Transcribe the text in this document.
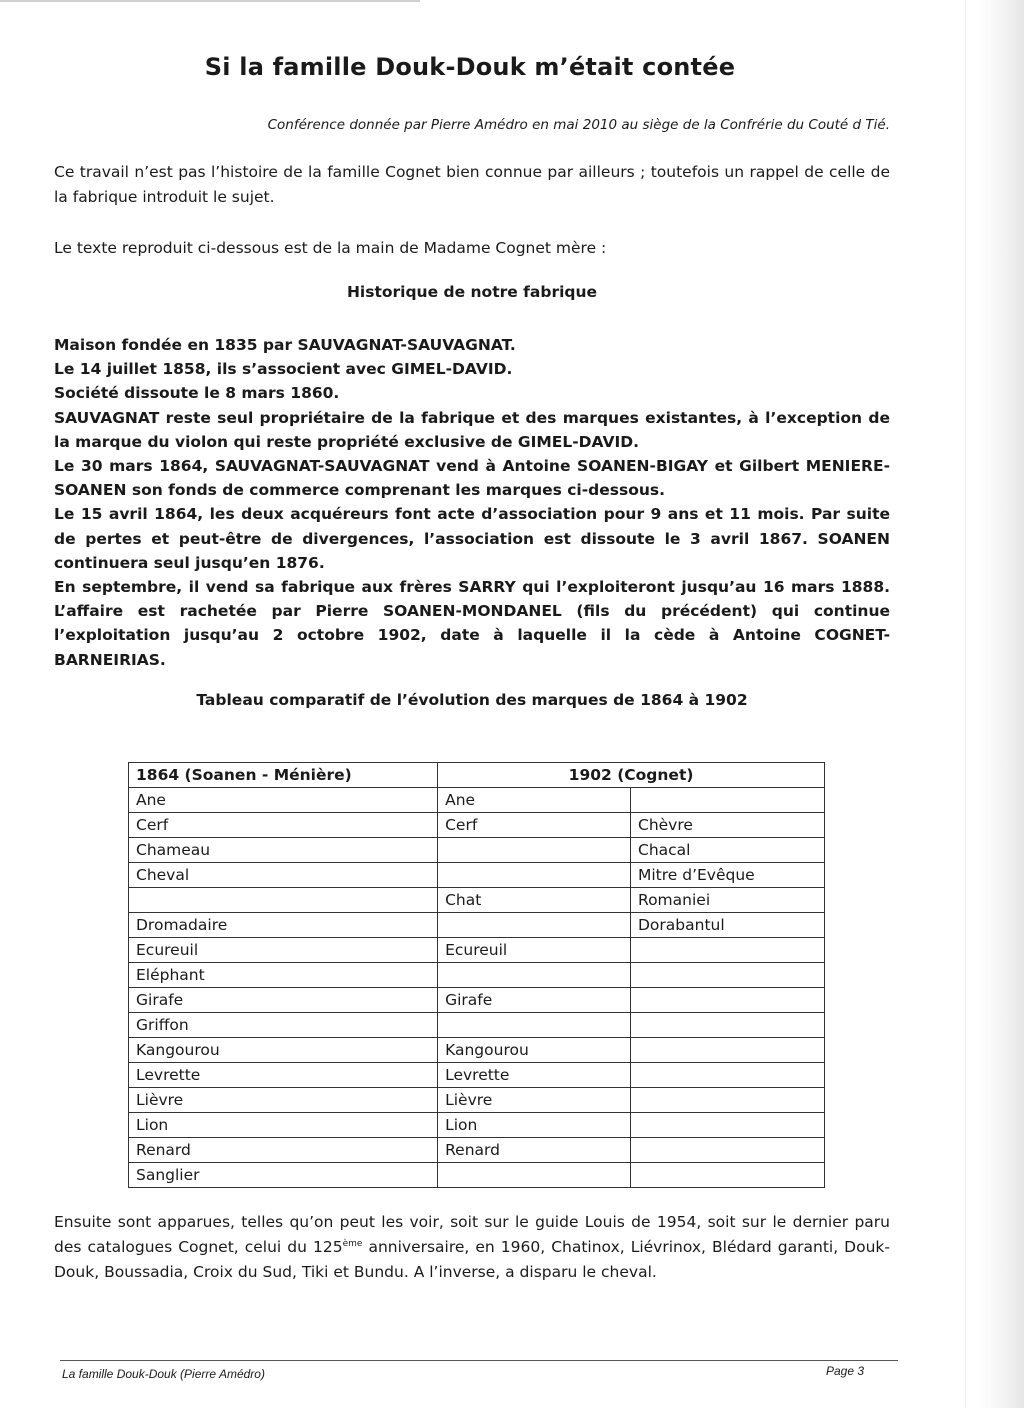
Si la famille Douk-Douk m’était contée
Conférence donnée par Pierre Amédro en mai 2010 au siège de la Confrérie du Couté d Tié.
Ce travail n’est pas l’histoire de la famille Cognet bien connue par ailleurs ; toutefois un rappel de celle de la fabrique introduit le sujet.
Le texte reproduit ci-dessous est de la main de Madame Cognet mère :
Historique de notre fabrique

Maison fondée en 1835 par SAUVAGNAT-SAUVAGNAT.

Le 14 juillet 1858, ils s’associent avec GIMEL-DAVID.

Société dissoute le 8 mars 1860.

SAUVAGNAT reste seul propriétaire de la fabrique et des marques existantes, à l’exception de la marque du violon qui reste propriété exclusive de GIMEL-DAVID.

Le 30 mars 1864, SAUVAGNAT-SAUVAGNAT vend à Antoine SOANEN-BIGAY et Gilbert MENIERE-SOANEN son fonds de commerce comprenant les marques ci-dessous.

Le 15 avril 1864, les deux acquéreurs font acte d’association pour 9 ans et 11 mois. Par suite de pertes et peut-être de divergences, l’association est dissoute le 3 avril 1867. SOANEN continuera seul jusqu’en 1876.

En septembre, il vend sa fabrique aux frères SARRY qui l’exploiteront jusqu’au 16 mars 1888. L’affaire est rachetée par Pierre SOANEN-MONDANEL (fils du précédent) qui continue l’exploitation jusqu’au 2 octobre 1902, date à laquelle il la cède à Antoine COGNET-BARNEIRIAS.

Tableau comparatif de l’évolution des marques de 1864 à 1902
1864 (Soanen - Ménière)	1902 (Cognet)	
Ane	Ane	
Cerf	Cerf	Chèvre
Chameau		Chacal
Cheval		Mitre d’Evêque
	Chat	Romaniei
Dromadaire		Dorabantul
Ecureuil	Ecureuil	
Eléphant		
Girafe	Girafe	
Griffon		
Kangourou	Kangourou	
Levrette	Levrette	
Lièvre	Lièvre	
Lion	Lion	
Renard	Renard	
Sanglier		
Ensuite sont apparues, telles qu’on peut les voir, soit sur le guide Louis de 1954, soit sur le dernier paru des catalogues Cognet, celui du 125ème anniversaire, en 1960, Chatinox, Liévrinox, Blédard garanti, Douk-Douk, Boussadia, Croix du Sud, Tiki et Bundu. A l’inverse, a disparu le cheval.
La famille Douk-Douk (Pierre Amédro)	Page 3
